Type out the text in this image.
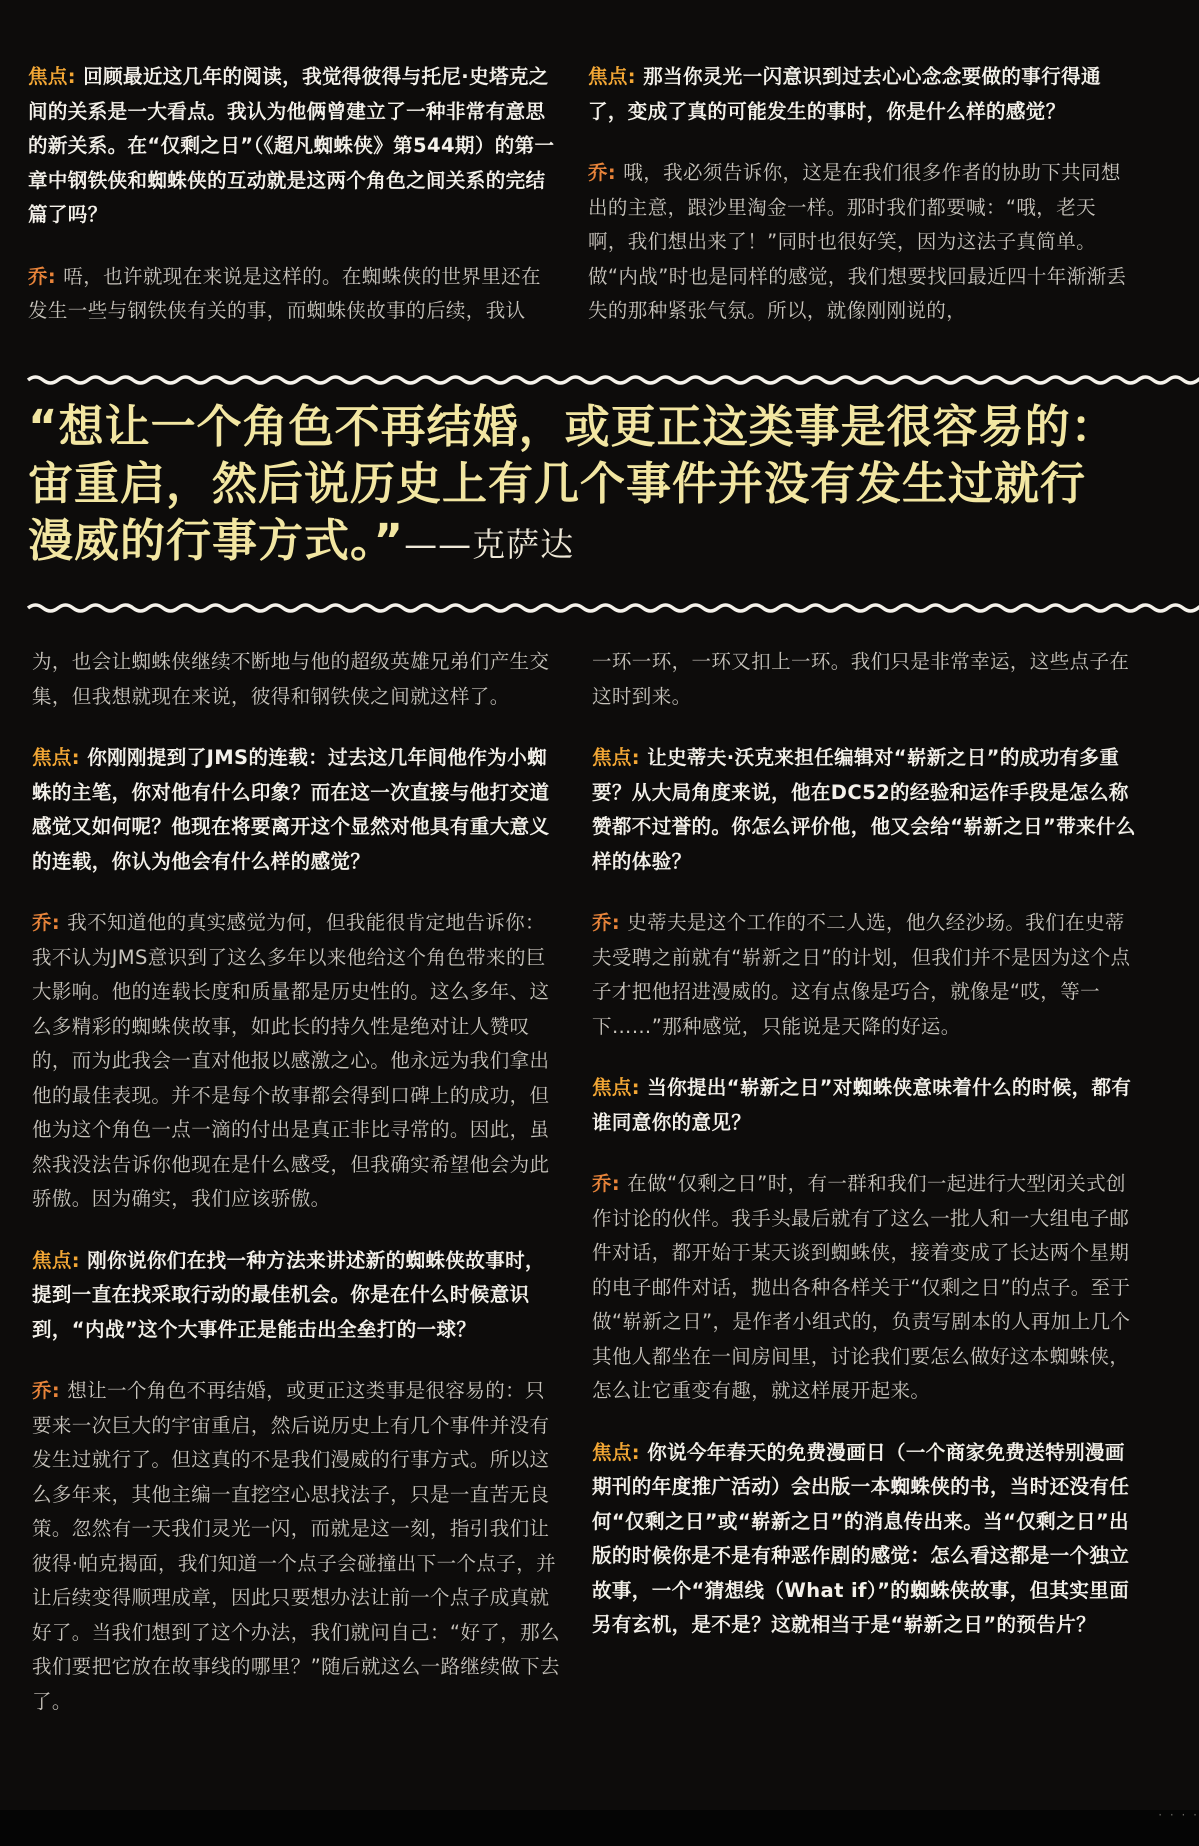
焦点: 回顾最近这几年的阅读，我觉得彼得与托尼·史塔克之间的关系是一大看点。我认为他俩曾建立了一种非常有意思的新关系。在“仅剩之日”（《超凡蜘蛛侠》第544期）的第一章中钢铁侠和蜘蛛侠的互动就是这两个角色之间关系的完结篇了吗？

乔: 唔，也许就现在来说是这样的。在蜘蛛侠的世界里还在发生一些与钢铁侠有关的事，而蜘蛛侠故事的后续，我认

焦点: 那当你灵光一闪意识到过去心心念念要做的事行得通了，变成了真的可能发生的事时，你是什么样的感觉？

乔: 哦，我必须告诉你，这是在我们很多作者的协助下共同想出的主意，跟沙里淘金一样。那时我们都要喊：“哦，老天啊，我们想出来了！”同时也很好笑，因为这法子真简单。做“内战”时也是同样的感觉，我们想要找回最近四十年渐渐丢失的那种紧张气氛。所以，就像刚刚说的，

“想让一个角色不再结婚，或更正这类事是很容易的：
宙重启，然后说历史上有几个事件并没有发生过就行
漫威的行事方式。”——克萨达

为，也会让蜘蛛侠继续不断地与他的超级英雄兄弟们产生交集，但我想就现在来说，彼得和钢铁侠之间就这样了。

焦点: 你刚刚提到了JMS的连载：过去这几年间他作为小蜘蛛的主笔，你对他有什么印象？而在这一次直接与他打交道感觉又如何呢？他现在将要离开这个显然对他具有重大意义的连载，你认为他会有什么样的感觉？

乔: 我不知道他的真实感觉为何，但我能很肯定地告诉你：我不认为JMS意识到了这么多年以来他给这个角色带来的巨大影响。他的连载长度和质量都是历史性的。这么多年、这么多精彩的蜘蛛侠故事，如此长的持久性是绝对让人赞叹的，而为此我会一直对他报以感激之心。他永远为我们拿出他的最佳表现。并不是每个故事都会得到口碑上的成功，但他为这个角色一点一滴的付出是真正非比寻常的。因此，虽然我没法告诉你他现在是什么感受，但我确实希望他会为此骄傲。因为确实，我们应该骄傲。

焦点: 刚你说你们在找一种方法来讲述新的蜘蛛侠故事时，提到一直在找采取行动的最佳机会。你是在什么时候意识到，“内战”这个大事件正是能击出全垒打的一球？

乔: 想让一个角色不再结婚，或更正这类事是很容易的：只要来一次巨大的宇宙重启，然后说历史上有几个事件并没有发生过就行了。但这真的不是我们漫威的行事方式。所以这么多年来，其他主编一直挖空心思找法子，只是一直苦无良策。忽然有一天我们灵光一闪，而就是这一刻，指引我们让彼得·帕克揭面，我们知道一个点子会碰撞出下一个点子，并让后续变得顺理成章，因此只要想办法让前一个点子成真就好了。当我们想到了这个办法，我们就问自己：“好了，那么我们要把它放在故事线的哪里？”随后就这么一路继续做下去了。

一环一环，一环又扣上一环。我们只是非常幸运，这些点子在这时到来。

焦点: 让史蒂夫·沃克来担任编辑对“崭新之日”的成功有多重要？从大局角度来说，他在DC52的经验和运作手段是怎么称赞都不过誉的。你怎么评价他，他又会给“崭新之日”带来什么样的体验？

乔: 史蒂夫是这个工作的不二人选，他久经沙场。我们在史蒂夫受聘之前就有“崭新之日”的计划，但我们并不是因为这个点子才把他招进漫威的。这有点像是巧合，就像是“哎，等一下……”那种感觉，只能说是天降的好运。

焦点: 当你提出“崭新之日”对蜘蛛侠意味着什么的时候，都有谁同意你的意见？

乔: 在做“仅剩之日”时，有一群和我们一起进行大型闭关式创作讨论的伙伴。我手头最后就有了这么一批人和一大组电子邮件对话，都开始于某天谈到蜘蛛侠，接着变成了长达两个星期的电子邮件对话，抛出各种各样关于“仅剩之日”的点子。至于做“崭新之日”，是作者小组式的，负责写剧本的人再加上几个其他人都坐在一间房间里，讨论我们要怎么做好这本蜘蛛侠，怎么让它重变有趣，就这样展开起来。

焦点: 你说今年春天的免费漫画日（一个商家免费送特别漫画期刊的年度推广活动）会出版一本蜘蛛侠的书，当时还没有任何“仅剩之日”或“崭新之日”的消息传出来。当“仅剩之日”出版的时候你是不是有种恶作剧的感觉：怎么看这都是一个独立故事，一个“猜想线（What if）”的蜘蛛侠故事，但其实里面另有玄机，是不是？这就相当于是“崭新之日”的预告片？

· · · ·
